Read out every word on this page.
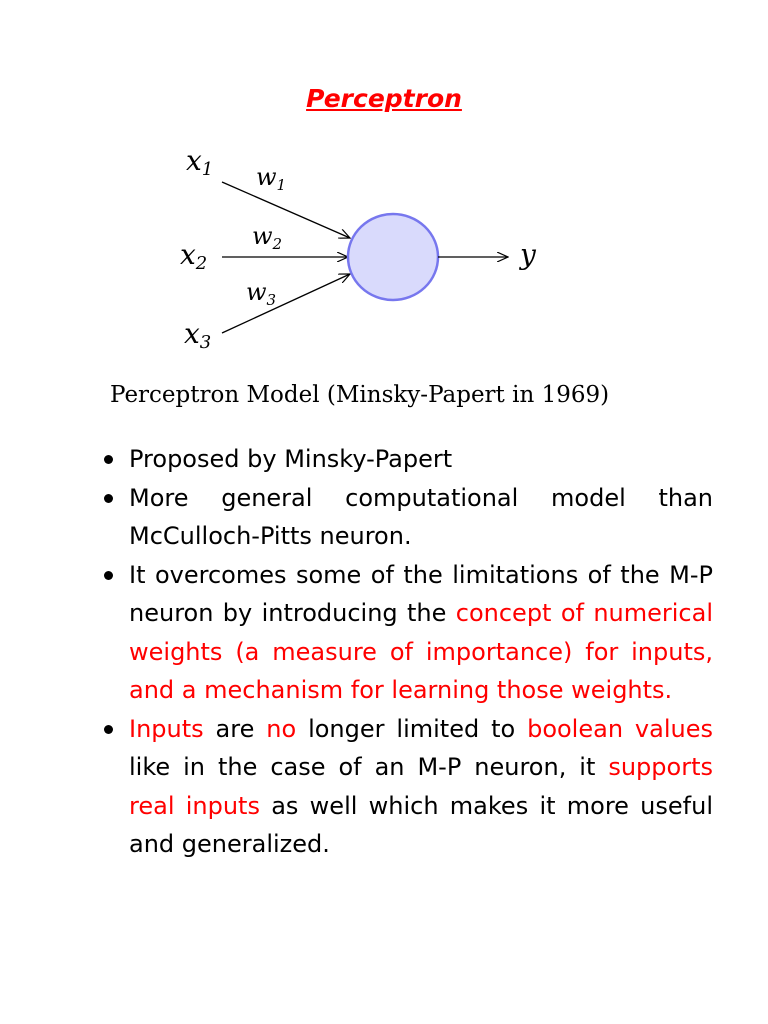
Perceptron
x1
x2
x3
$w_1$
$w_2$
$w_3$
y
Perceptron Model (Minsky-Papert in 1969)
Proposed by Minsky-Papert
More general computational model than McCulloch-Pitts neuron.
It overcomes some of the limitations of the M-P neuron by introducing the concept of numerical weights (a measure of importance) for inputs, and a mechanism for learning those weights.
Inputs are no longer limited to boolean values like in the case of an M-P neuron, it supports real inputs as well which makes it more useful and generalized.
